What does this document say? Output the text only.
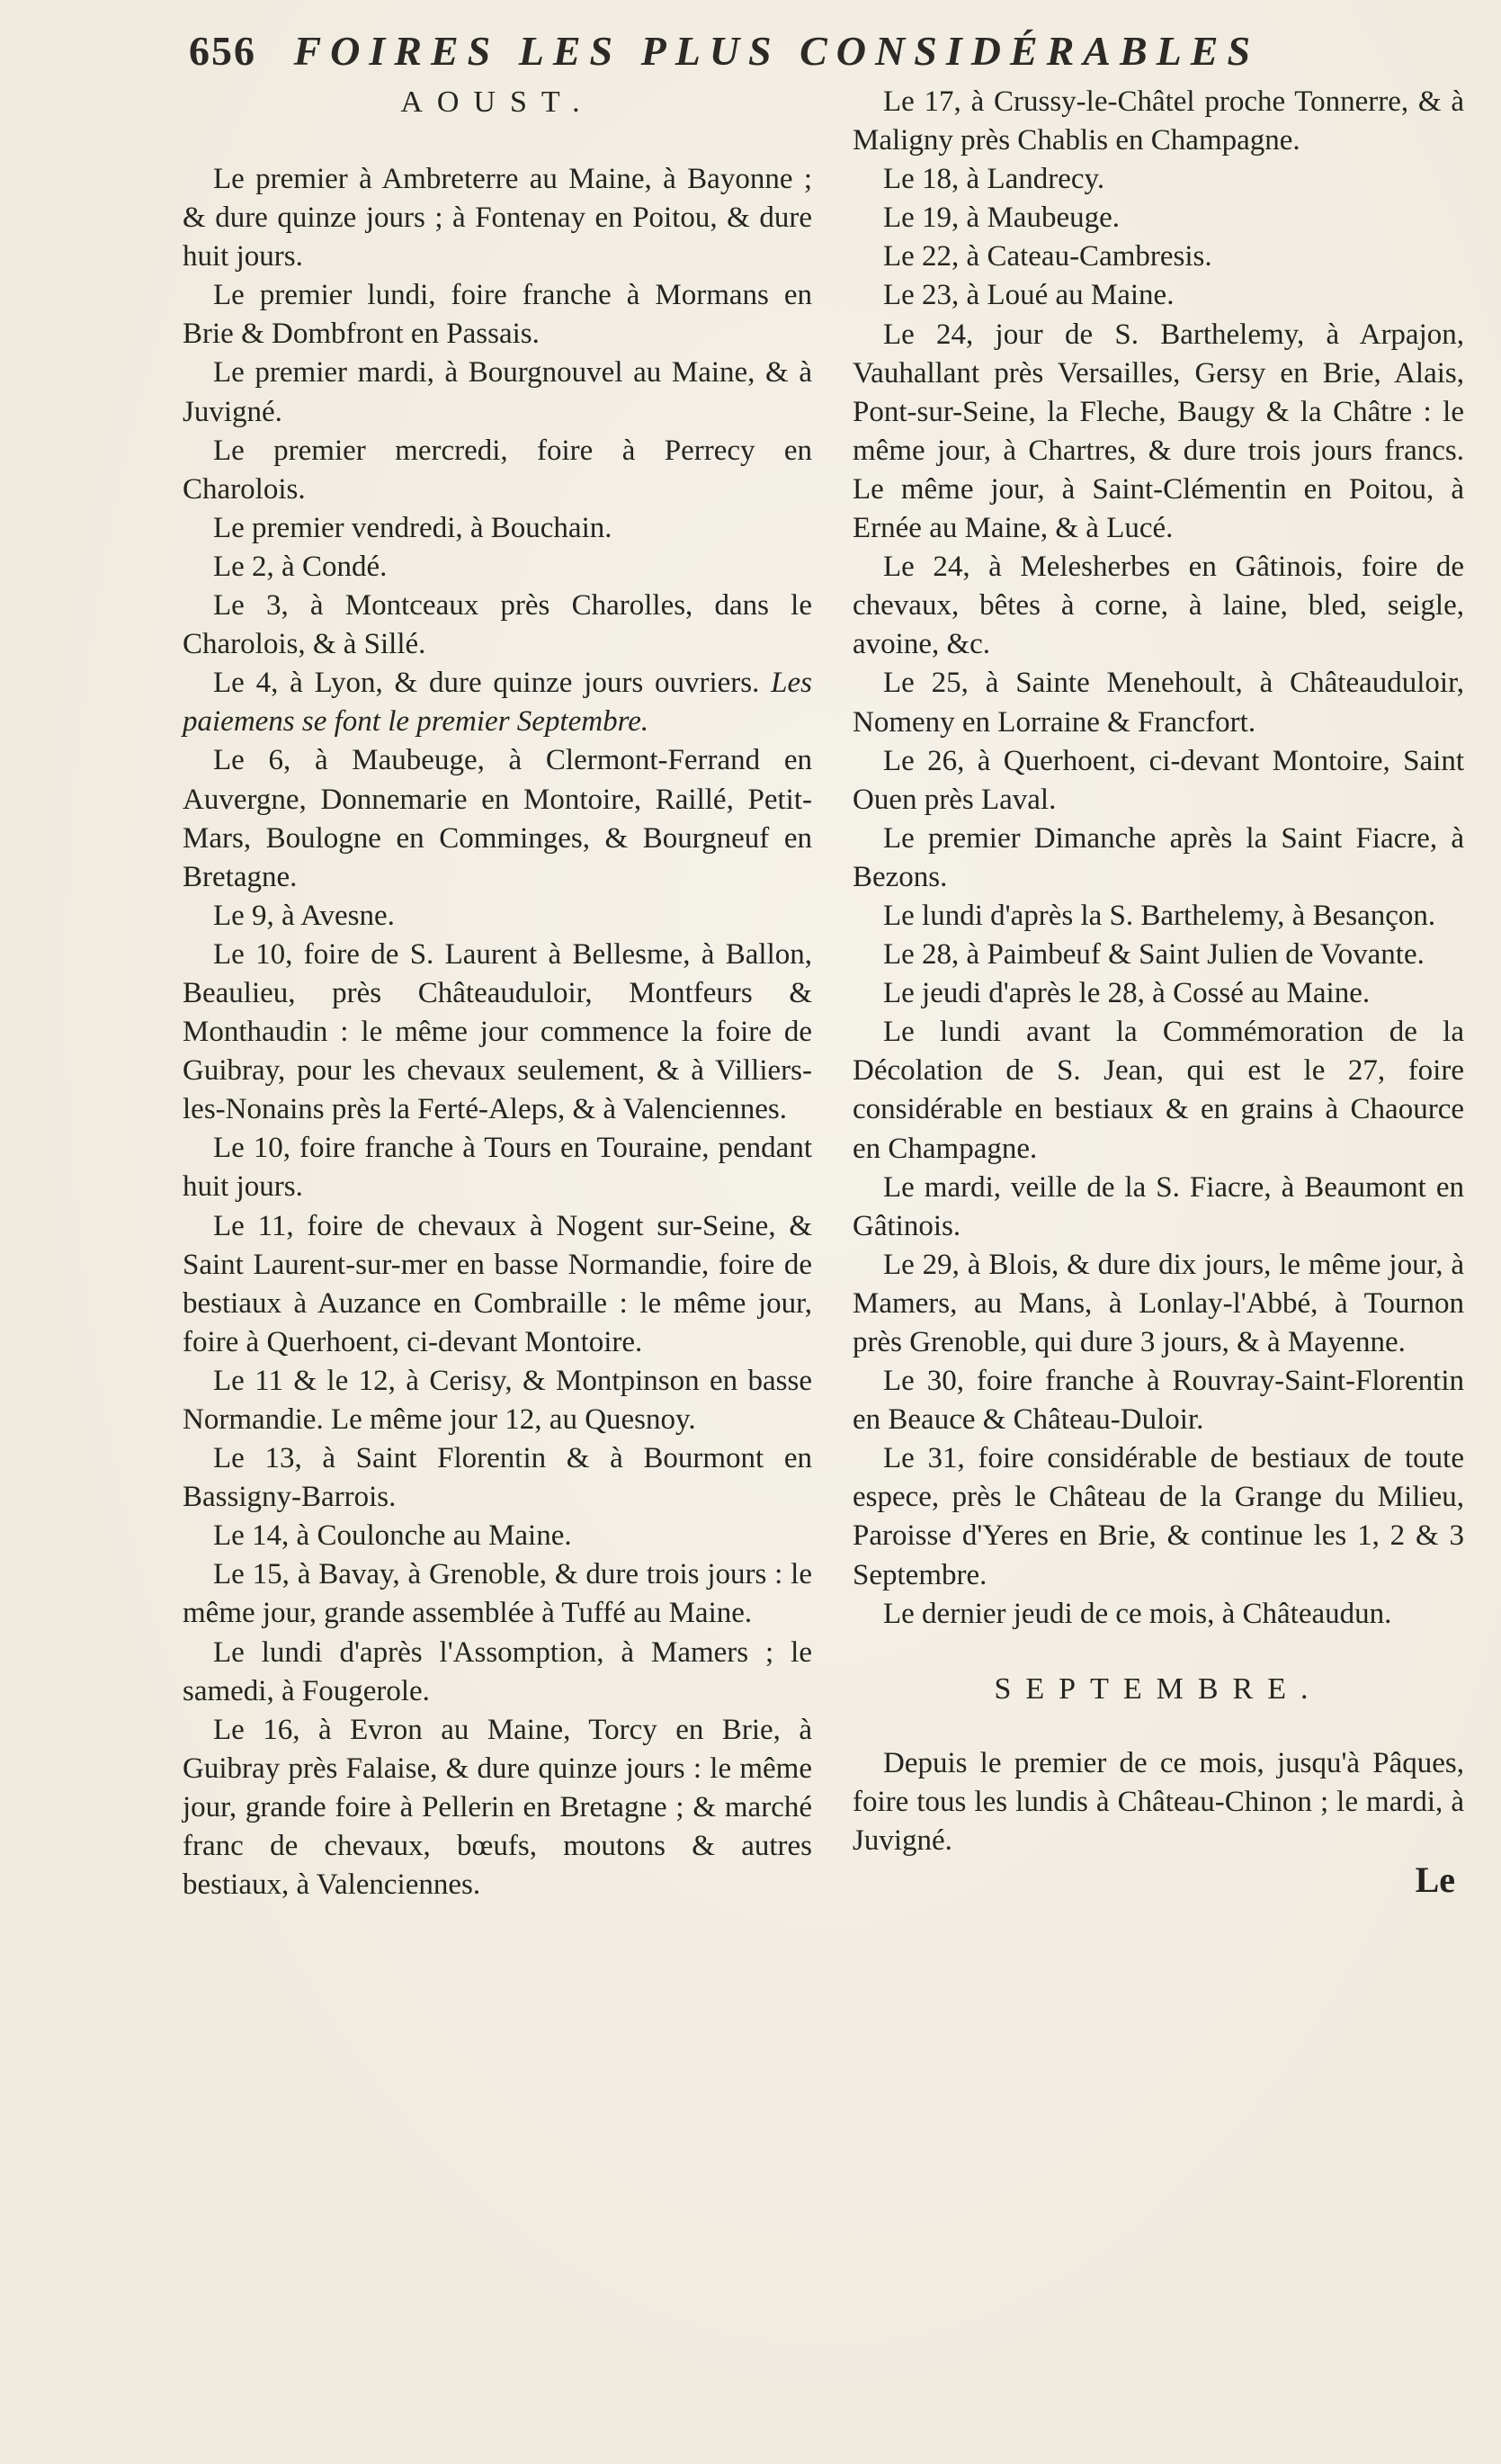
656 FOIRES LES PLUS CONSIDÉRABLES

AOUST.

Le premier à Ambreterre au Maine, à Bayonne ; & dure quinze jours ; à Fontenay en Poitou, & dure huit jours.

Le premier lundi, foire franche à Mormans en Brie & Dombfront en Passais.

Le premier mardi, à Bourgnouvel au Maine, & à Juvigné.

Le premier mercredi, foire à Perrecy en Charolois.

Le premier vendredi, à Bouchain.

Le 2, à Condé.

Le 3, à Montceaux près Charolles, dans le Charolois, & à Sillé.

Le 4, à Lyon, & dure quinze jours ouvriers. Les paiemens se font le premier Septembre.

Le 6, à Maubeuge, à Clermont-Ferrand en Auvergne, Donnemarie en Montoire, Raillé, Petit-Mars, Boulogne en Comminges, & Bourgneuf en Bretagne.

Le 9, à Avesne.

Le 10, foire de S. Laurent à Bellesme, à Ballon, Beaulieu, près Châteauduloir, Montfeurs & Monthaudin : le même jour commence la foire de Guibray, pour les chevaux seulement, & à Villiers-les-Nonains près la Ferté-Aleps, & à Valenciennes.

Le 10, foire franche à Tours en Touraine, pendant huit jours.

Le 11, foire de chevaux à Nogent sur-Seine, & Saint Laurent-sur-mer en basse Normandie, foire de bestiaux à Auzance en Combraille : le même jour, foire à Querhoent, ci-devant Montoire.

Le 11 & le 12, à Cerisy, & Montpinson en basse Normandie. Le même jour 12, au Quesnoy.

Le 13, à Saint Florentin & à Bourmont en Bassigny-Barrois.

Le 14, à Coulonche au Maine.

Le 15, à Bavay, à Grenoble, & dure trois jours : le même jour, grande assemblée à Tuffé au Maine.

Le lundi d'après l'Assomption, à Mamers ; le samedi, à Fougerole.

Le 16, à Evron au Maine, Torcy en Brie, à Guibray près Falaise, & dure quinze jours : le même jour, grande foire à Pellerin en Bretagne ; & marché franc de chevaux, bœufs, moutons & autres bestiaux, à Valenciennes.

Le 17, à Crussy-le-Châtel proche Tonnerre, & à Maligny près Chablis en Champagne.

Le 18, à Landrecy.

Le 19, à Maubeuge.

Le 22, à Cateau-Cambresis.

Le 23, à Loué au Maine.

Le 24, jour de S. Barthelemy, à Arpajon, Vauhallant près Versailles, Gersy en Brie, Alais, Pont-sur-Seine, la Fleche, Baugy & la Châtre : le même jour, à Chartres, & dure trois jours francs. Le même jour, à Saint-Clémentin en Poitou, à Ernée au Maine, & à Lucé.

Le 24, à Melesherbes en Gâtinois, foire de chevaux, bêtes à corne, à laine, bled, seigle, avoine, &c.

Le 25, à Sainte Menehoult, à Châteauduloir, Nomeny en Lorraine & Francfort.

Le 26, à Querhoent, ci-devant Montoire, Saint Ouen près Laval.

Le premier Dimanche après la Saint Fiacre, à Bezons.

Le lundi d'après la S. Barthelemy, à Besançon.

Le 28, à Paimbeuf & Saint Julien de Vovante.

Le jeudi d'après le 28, à Cossé au Maine.

Le lundi avant la Commémoration de la Décolation de S. Jean, qui est le 27, foire considérable en bestiaux & en grains à Chaource en Champagne.

Le mardi, veille de la S. Fiacre, à Beaumont en Gâtinois.

Le 29, à Blois, & dure dix jours, le même jour, à Mamers, au Mans, à Lonlay-l'Abbé, à Tournon près Grenoble, qui dure 3 jours, & à Mayenne.

Le 30, foire franche à Rouvray-Saint-Florentin en Beauce & Château-Duloir.

Le 31, foire considérable de bestiaux de toute espece, près le Château de la Grange du Milieu, Paroisse d'Yeres en Brie, & continue les 1, 2 & 3 Septembre.

Le dernier jeudi de ce mois, à Châteaudun.

SEPTEMBRE.

Depuis le premier de ce mois, jusqu'à Pâques, foire tous les lundis à Château-Chinon ; le mardi, à Juvigné.

Le
